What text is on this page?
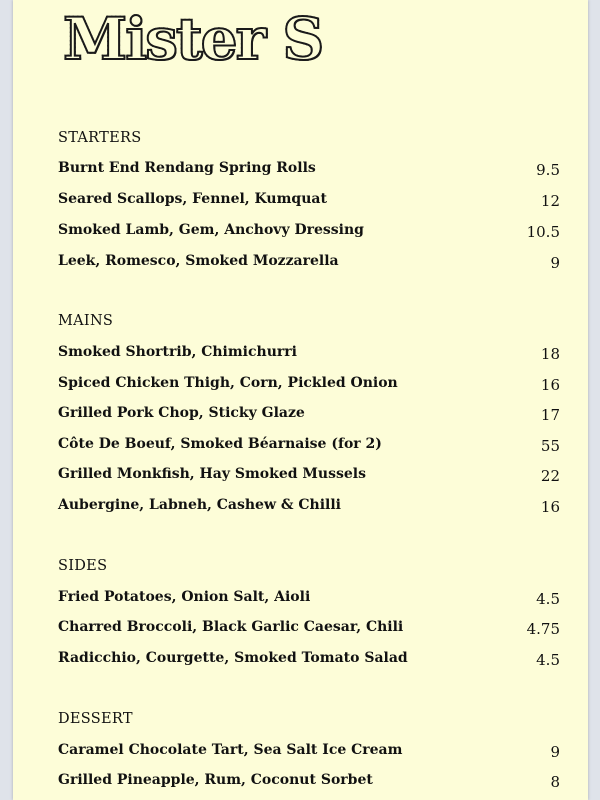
Mister S
STARTERS
Burnt End Rendang Spring Rolls	9.5
Seared Scallops, Fennel, Kumquat	12
Smoked Lamb, Gem, Anchovy Dressing	10.5
Leek, Romesco, Smoked Mozzarella	9
MAINS
Smoked Shortrib, Chimichurri	18
Spiced Chicken Thigh, Corn, Pickled Onion	16
Grilled Pork Chop, Sticky Glaze	17
Côte De Boeuf, Smoked Béarnaise (for 2)	55
Grilled Monkfish, Hay Smoked Mussels	22
Aubergine, Labneh, Cashew & Chilli	16
SIDES
Fried Potatoes, Onion Salt, Aioli	4.5
Charred Broccoli, Black Garlic Caesar, Chili	4.75
Radicchio, Courgette, Smoked Tomato Salad	4.5
DESSERT
Caramel Chocolate Tart, Sea Salt Ice Cream	9
Grilled Pineapple, Rum, Coconut Sorbet	8
